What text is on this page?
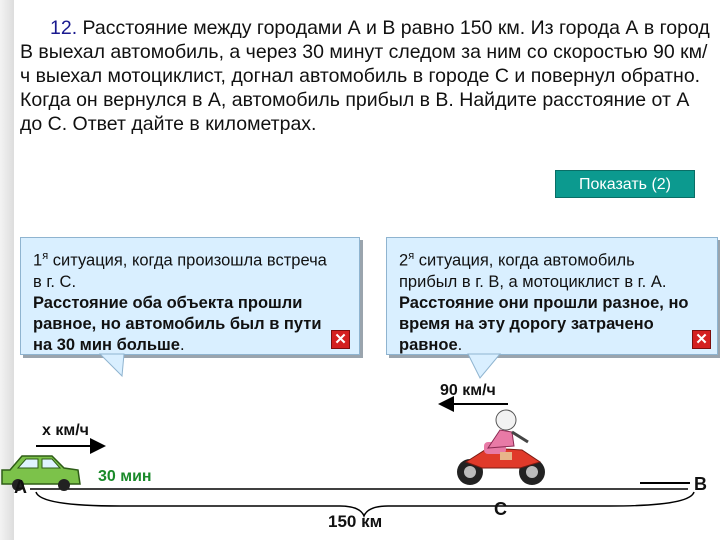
12. Расстояние между городами А и В равно 150 км. Из города А в город В выехал автомобиль, а через 30 минут следом за ним со скоростью 90 км/ч выехал мотоциклист, догнал автомобиль в городе С и повернул обратно. Когда он вернулся в А, автомобиль прибыл в В. Найдите расстояние от А до С. Ответ дайте в километрах.
Показать (2)
$1^я$ ситуация, когда произошла встреча в г. С.
Расстояние оба объекта прошли равное, но автомобиль был в пути на 30 мин больше.	✕
$2^я$ ситуация, когда автомобиль прибыл в г. В, а мотоциклист в г. А.
Расстояние они прошли разное, но время на эту дорогу затрачено равное.	✕
90 км/ч
x км/ч
30 мин
А	В
С
150 км
